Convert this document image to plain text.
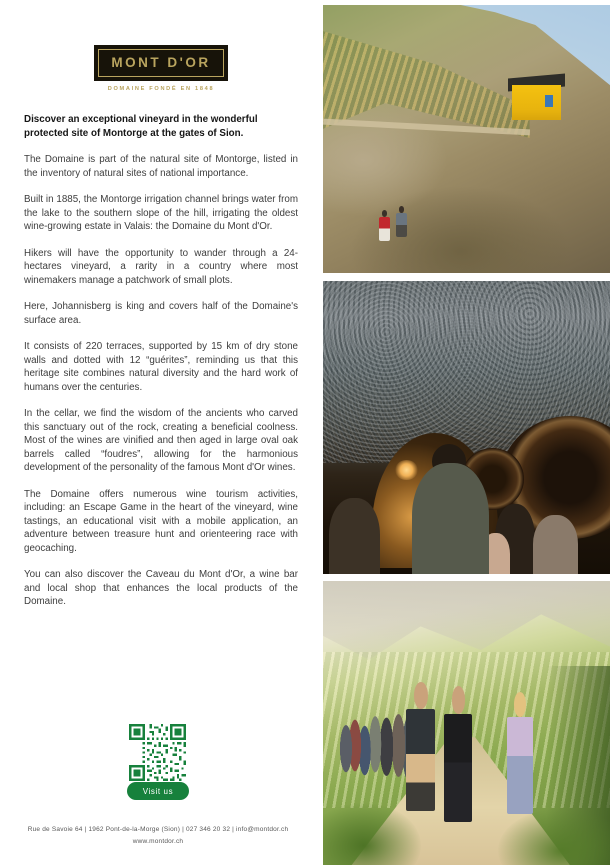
MONT D'OR
DOMAINE FONDÉ EN 1848

Discover an exceptional vineyard in the wonderful protected site of Montorge at the gates of Sion.

The Domaine is part of the natural site of Montorge, listed in the inventory of natural sites of national importance.

Built in 1885, the Montorge irrigation channel brings water from the lake to the southern slope of the hill, irrigating the oldest wine-growing estate in Valais: the Domaine du Mont d'Or.

Hikers will have the opportunity to wander through a 24-hectares vineyard, a rarity in a country where most winemakers manage a patchwork of small plots.

Here, Johannisberg is king and covers half of the Domaine's surface area.

It consists of 220 terraces, supported by 15 km of dry stone walls and dotted with 12 “guérites”, reminding us that this heritage site combines natural diversity and the hard work of humans over the centuries.

In the cellar, we find the wisdom of the ancients who carved this sanctuary out of the rock, creating a beneficial coolness. Most of the wines are vinified and then aged in large oval oak barrels called “foudres”, allowing for the harmonious development of the personality of the famous Mont d'Or wines.

The Domaine offers numerous wine tourism activities, including: an Escape Game in the heart of the vineyard, wine tastings, an educational visit with a mobile application, an adventure between treasure hunt and orienteering race with geocaching.

You can also discover the Caveau du Mont d'Or, a wine bar and local shop that enhances the local products of the Domaine.

Visit us
Rue de Savoie 64 | 1962 Pont-de-la-Morge (Sion) | 027 346 20 32 | info@montdor.ch
www.montdor.ch
